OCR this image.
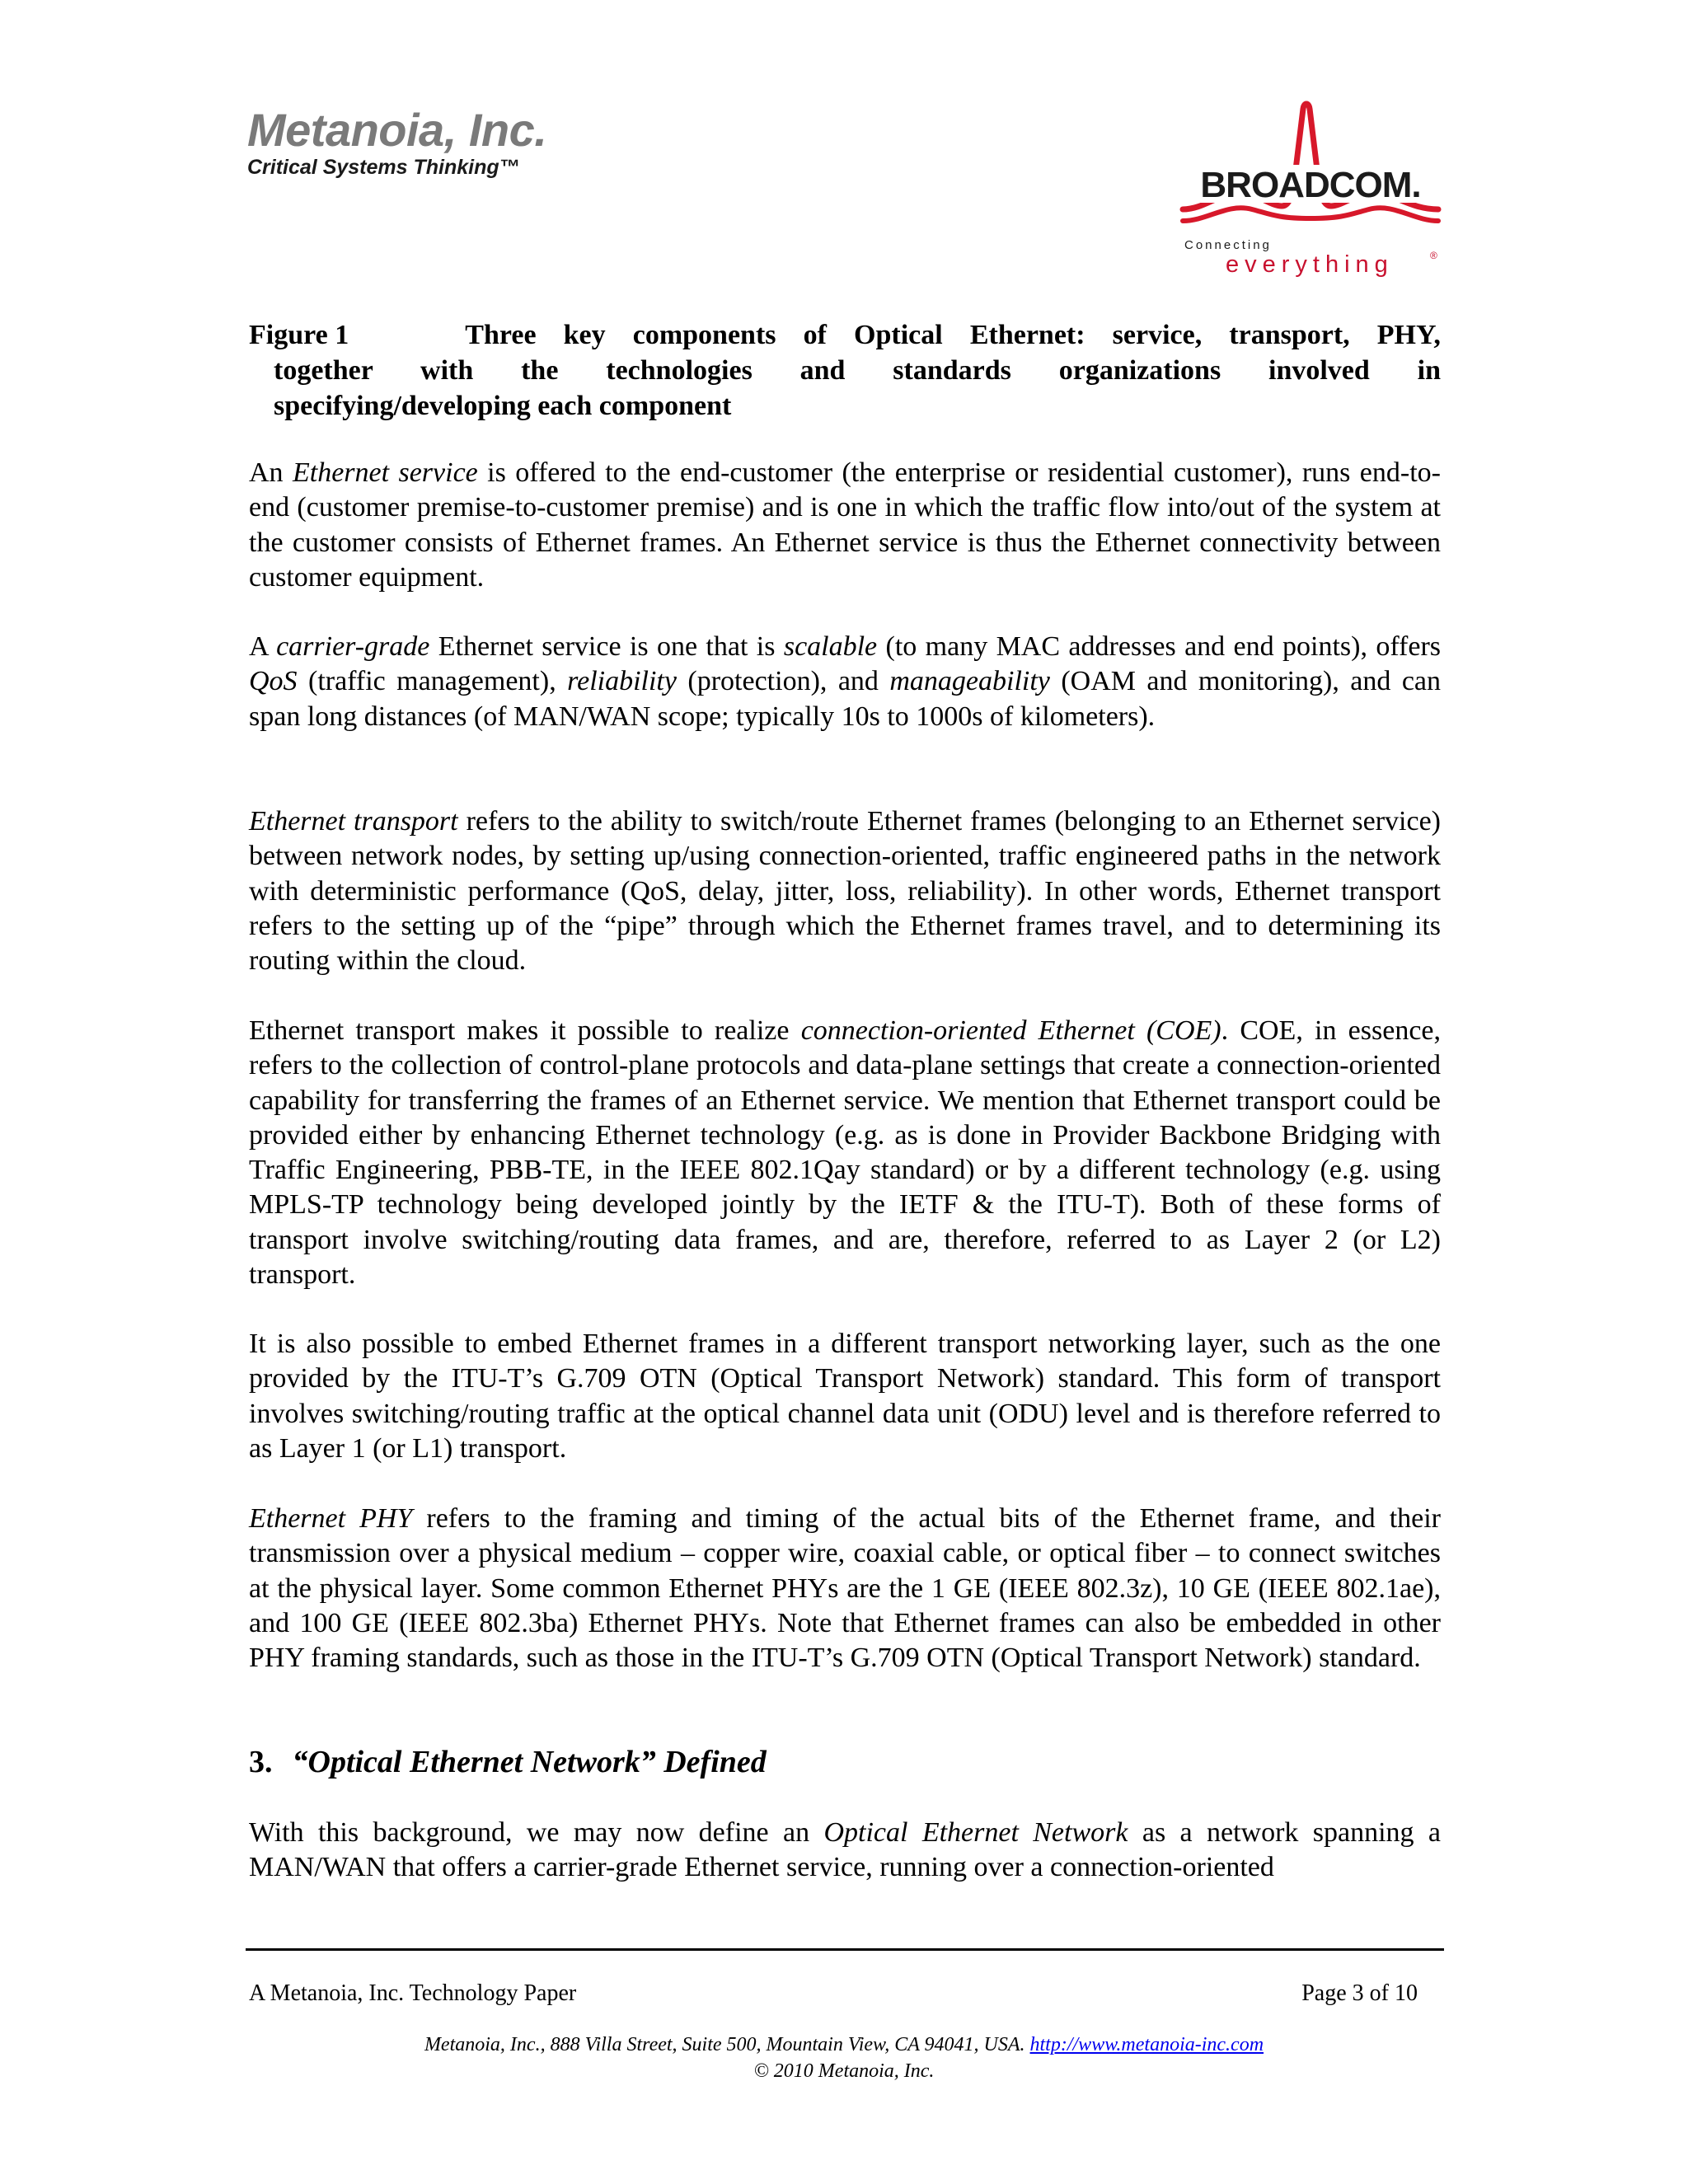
Metanoia, Inc.
Critical Systems Thinking™	BROADCOM.
Connecting
everything	®
Figure 1	Three key components of Optical Ethernet: service, transport, PHY,
together with the technologies and standards organizations involved in
specifying/developing each component

An Ethernet service is offered to the end-customer (the enterprise or residential customer), runs end-to-end (customer premise-to-customer premise) and is one in which the traffic flow into/out of the system at the customer consists of Ethernet frames. An Ethernet service is thus the Ethernet connectivity between customer equipment.

A carrier-grade Ethernet service is one that is scalable (to many MAC addresses and end points), offers QoS (traffic management), reliability (protection), and manageability (OAM and monitoring), and can span long distances (of MAN/WAN scope; typically 10s to 1000s of kilometers).

Ethernet transport refers to the ability to switch/route Ethernet frames (belonging to an Ethernet service) between network nodes, by setting up/using connection-oriented, traffic engineered paths in the network with deterministic performance (QoS, delay, jitter, loss, reliability). In other words, Ethernet transport refers to the setting up of the “pipe” through which the Ethernet frames travel, and to determining its routing within the cloud.

Ethernet transport makes it possible to realize connection-oriented Ethernet (COE). COE, in essence, refers to the collection of control-plane protocols and data-plane settings that create a connection-oriented capability for transferring the frames of an Ethernet service. We mention that Ethernet transport could be provided either by enhancing Ethernet technology (e.g. as is done in Provider Backbone Bridging with Traffic Engineering, PBB-TE, in the IEEE 802.1Qay standard) or by a different technology (e.g. using MPLS-TP technology being developed jointly by the IETF & the ITU-T). Both of these forms of transport involve switching/routing data frames, and are, therefore, referred to as Layer 2 (or L2) transport.

It is also possible to embed Ethernet frames in a different transport networking layer, such as the one provided by the ITU-T’s G.709 OTN (Optical Transport Network) standard. This form of transport involves switching/routing traffic at the optical channel data unit (ODU) level and is therefore referred to as Layer 1 (or L1) transport.

Ethernet PHY refers to the framing and timing of the actual bits of the Ethernet frame, and their transmission over a physical medium – copper wire, coaxial cable, or optical fiber – to connect switches at the physical layer. Some common Ethernet PHYs are the 1 GE (IEEE 802.3z), 10 GE (IEEE 802.1ae), and 100 GE (IEEE 802.3ba) Ethernet PHYs. Note that Ethernet frames can also be embedded in other PHY framing standards, such as those in the ITU-T’s G.709 OTN (Optical Transport Network) standard.

3. “Optical Ethernet Network” Defined

With this background, we may now define an Optical Ethernet Network as a network spanning a MAN/WAN that offers a carrier-grade Ethernet service, running over a connection-oriented

A Metanoia, Inc. Technology Paper	Page 3 of 10
Metanoia, Inc., 888 Villa Street, Suite 500, Mountain View, CA 94041, USA. http://www.metanoia-inc.com
© 2010 Metanoia, Inc.
